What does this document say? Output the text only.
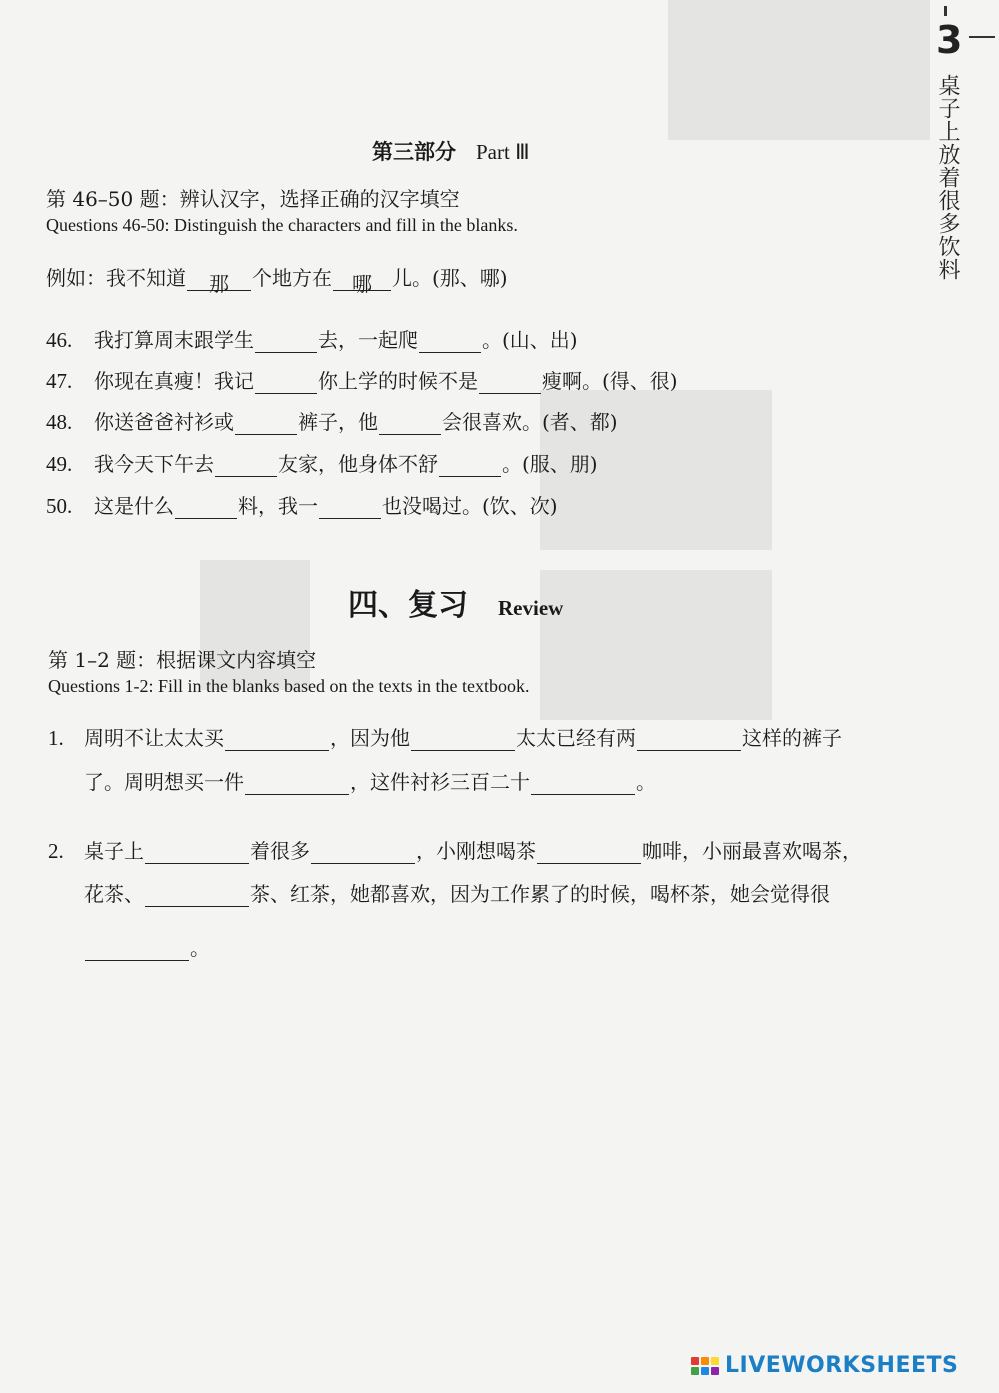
3
桌子上放着很多饮料
第三部分 Part Ⅲ
第 46–50 题：辨认汉字，选择正确的汉字填空
Questions 46-50: Distinguish the characters and fill in the blanks.
例如：我不知道 那 个地方在 哪 儿。(那、哪)
46. 我打算周末跟学生	去，一起爬	。(山、出)
47. 你现在真瘦！我记	你上学的时候不是	瘦啊。(得、很)
48. 你送爸爸衬衫或	裤子，他	会很喜欢。(者、都)
49. 我今天下午去	友家，他身体不舒	。(服、朋)
50. 这是什么	料，我一	也没喝过。(饮、次)
四、复习 Review
第 1–2 题：根据课文内容填空
Questions 1-2: Fill in the blanks based on the texts in the textbook.
1. 周明不让太太买	，因为他	太太已经有两	这样的裤子
了。周明想买一件	，这件衬衫三百二十	。
2. 桌子上	着很多	，小刚想喝茶	咖啡，小丽最喜欢喝茶，
花茶、	茶、红茶，她都喜欢，因为工作累了的时候，喝杯茶，她会觉得很
。
LIVEWORKSHEETS
